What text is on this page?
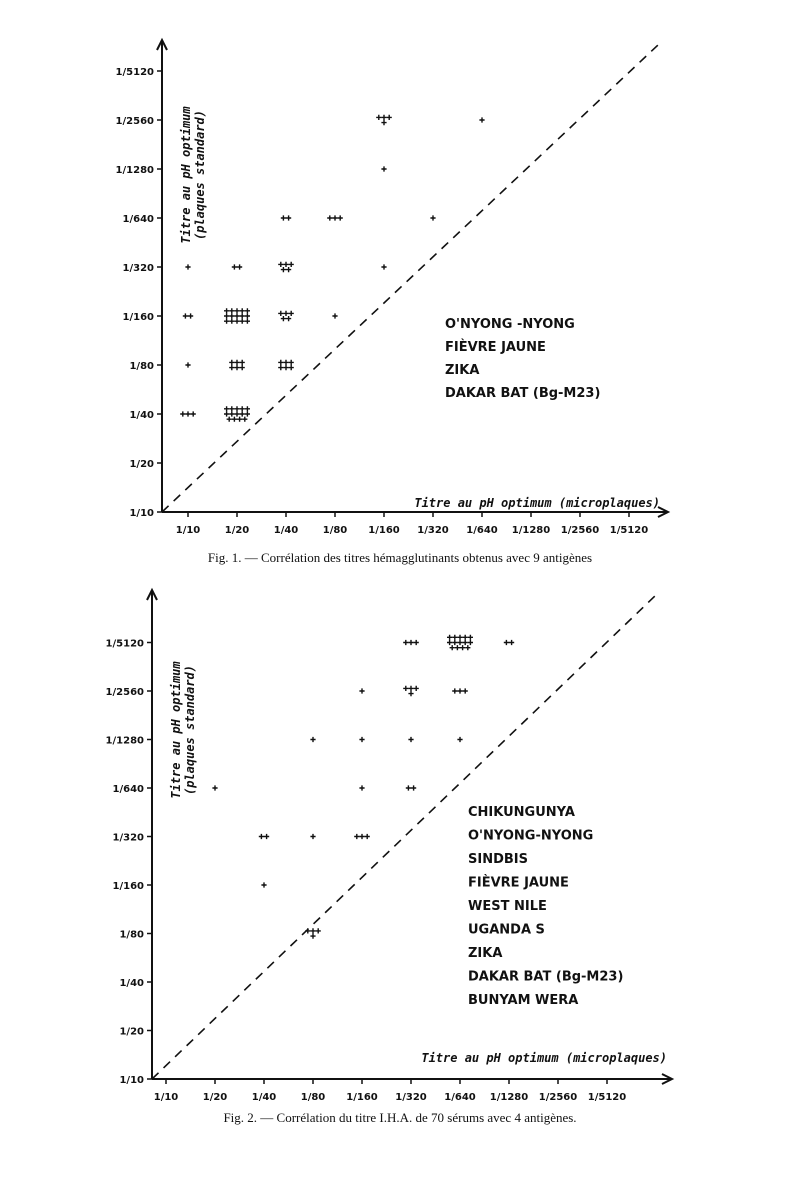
1/10 1/20 1/40 1/80 1/160 1/320 1/640 1/1280 1/2560 1/5120
1/10
1/20
1/40
1/80
1/160
1/320
1/640
1/1280
1/2560
1/5120
Titre au pH optimum (microplaques)
Titre au pH optimum(plaques standard)
O'NYONG -NYONG
FIÈVRE JAUNE
ZIKA
DAKAR BAT (Bg-M23)
Fig. 1. — Corrélation des titres hémagglutinants obtenus avec 9 antigènes
1/10 1/20 1/40 1/80 1/160 1/320 1/640 1/1280 1/2560 1/5120
1/10
1/20
1/40
1/80
1/160
1/320
1/640
1/1280
1/2560
1/5120
Titre au pH optimum (microplaques)
Titre au pH optimum(plaques standard)
CHIKUNGUNYA
O'NYONG-NYONG
SINDBIS
FIÈVRE JAUNE
WEST NILE
UGANDA S
ZIKA
DAKAR BAT (Bg-M23)
BUNYAM WERA
Fig. 2. — Corrélation du titre I.H.A. de 70 sérums avec 4 antigènes.
